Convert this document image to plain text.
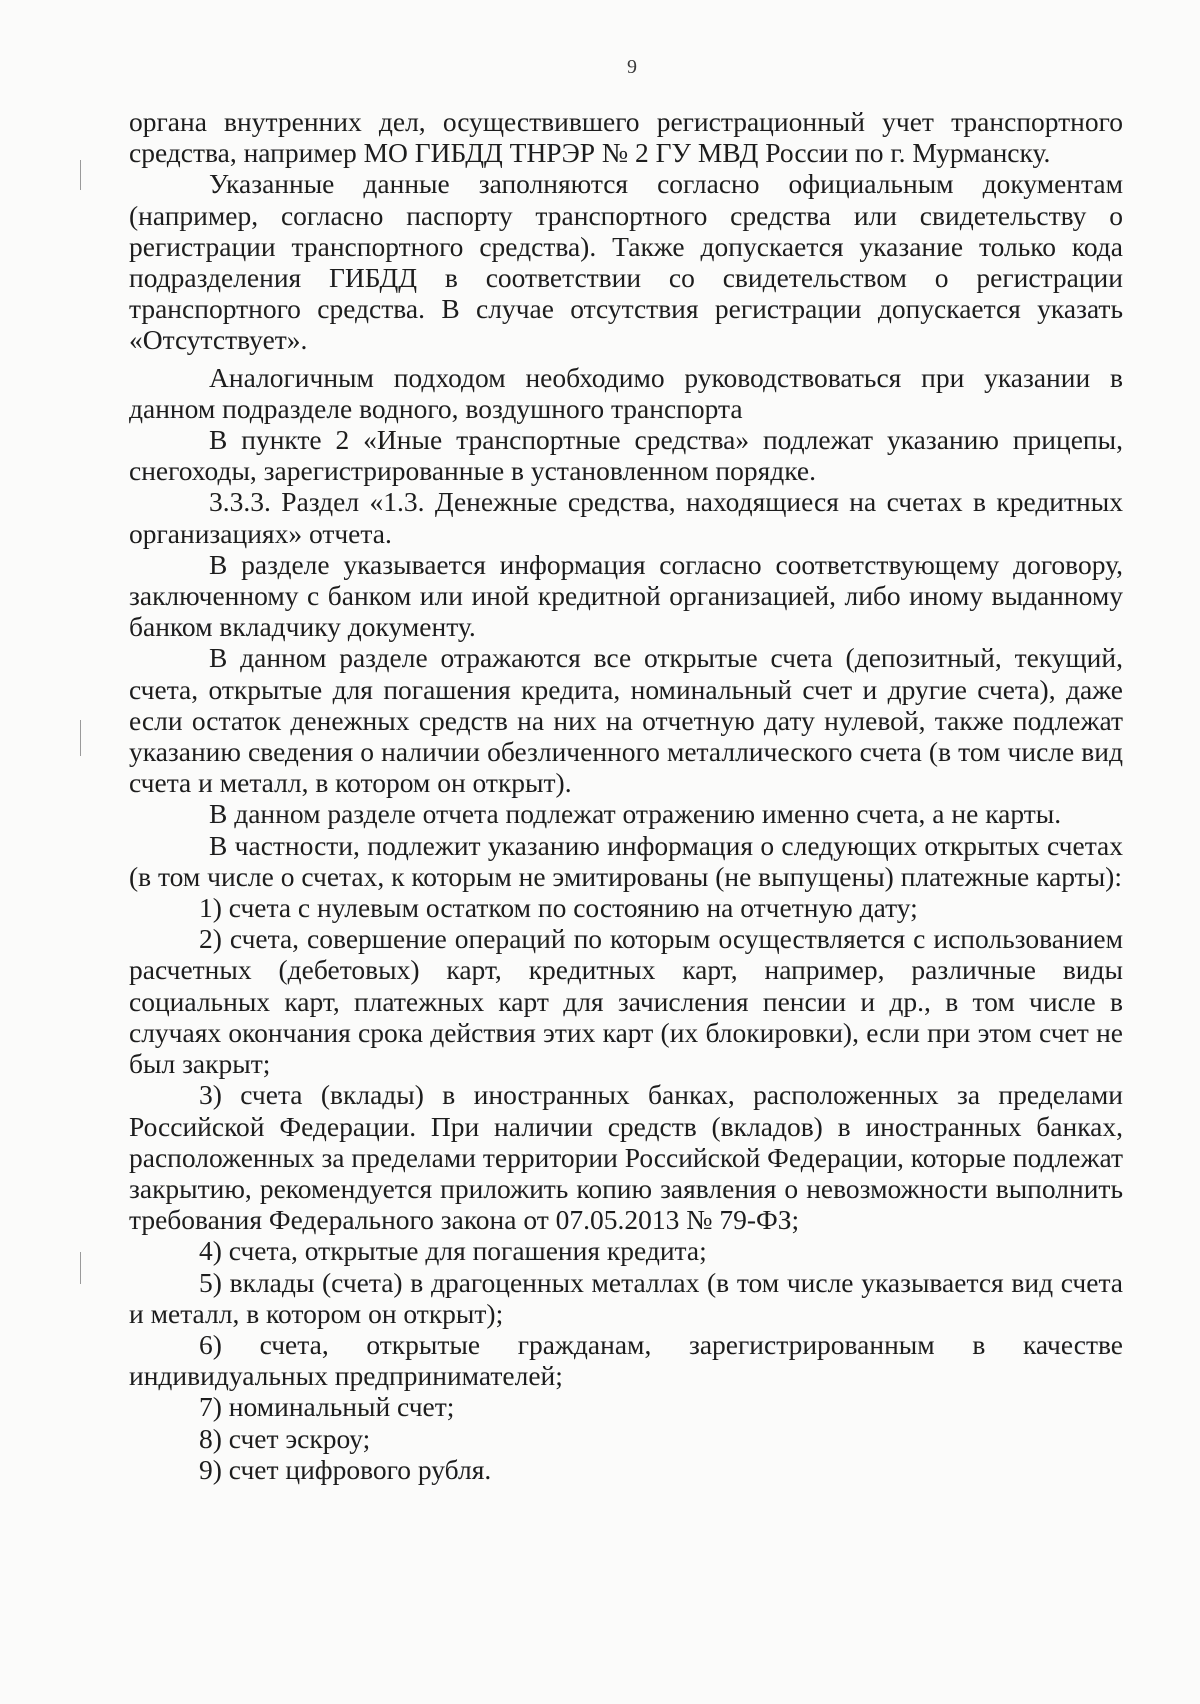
9

органа внутренних дел, осуществившего регистрационный учет транспортного средства, например МО ГИБДД ТНРЭР № 2 ГУ МВД России по г. Мурманску.

Указанные данные заполняются согласно официальным документам (например, согласно паспорту транспортного средства или свидетельству о регистрации транспортного средства). Также допускается указание только кода подразделения ГИБДД в соответствии со свидетельством о регистрации транспортного средства. В случае отсутствия регистрации допускается указать «Отсутствует».

Аналогичным подходом необходимо руководствоваться при указании в данном подразделе водного, воздушного транспорта

В пункте 2 «Иные транспортные средства» подлежат указанию прицепы, снегоходы, зарегистрированные в установленном порядке.

3.3.3. Раздел «1.3. Денежные средства, находящиеся на счетах в кредитных организациях» отчета.

В разделе указывается информация согласно соответствующему договору, заключенному с банком или иной кредитной организацией, либо иному выданному банком вкладчику документу.

В данном разделе отражаются все открытые счета (депозитный, текущий, счета, открытые для погашения кредита, номинальный счет и другие счета), даже если остаток денежных средств на них на отчетную дату нулевой, также подлежат указанию сведения о наличии обезличенного металлического счета (в том числе вид счета и металл, в котором он открыт).

В данном разделе отчета подлежат отражению именно счета, а не карты.

В частности, подлежит указанию информация о следующих открытых счетах (в том числе о счетах, к которым не эмитированы (не выпущены) платежные карты):

1) счета с нулевым остатком по состоянию на отчетную дату;

2) счета, совершение операций по которым осуществляется с использованием расчетных (дебетовых) карт, кредитных карт, например, различные виды социальных карт, платежных карт для зачисления пенсии и др., в том числе в случаях окончания срока действия этих карт (их блокировки), если при этом счет не был закрыт;

3) счета (вклады) в иностранных банках, расположенных за пределами Российской Федерации. При наличии средств (вкладов) в иностранных банках, расположенных за пределами территории Российской Федерации, которые подлежат закрытию, рекомендуется приложить копию заявления о невозможности выполнить требования Федерального закона от 07.05.2013 № 79-ФЗ;

4) счета, открытые для погашения кредита;

5) вклады (счета) в драгоценных металлах (в том числе указывается вид счета и металл, в котором он открыт);

6) счета, открытые гражданам, зарегистрированным в качестве индивидуальных предпринимателей;

7) номинальный счет;

8) счет эскроу;

9) счет цифрового рубля.
